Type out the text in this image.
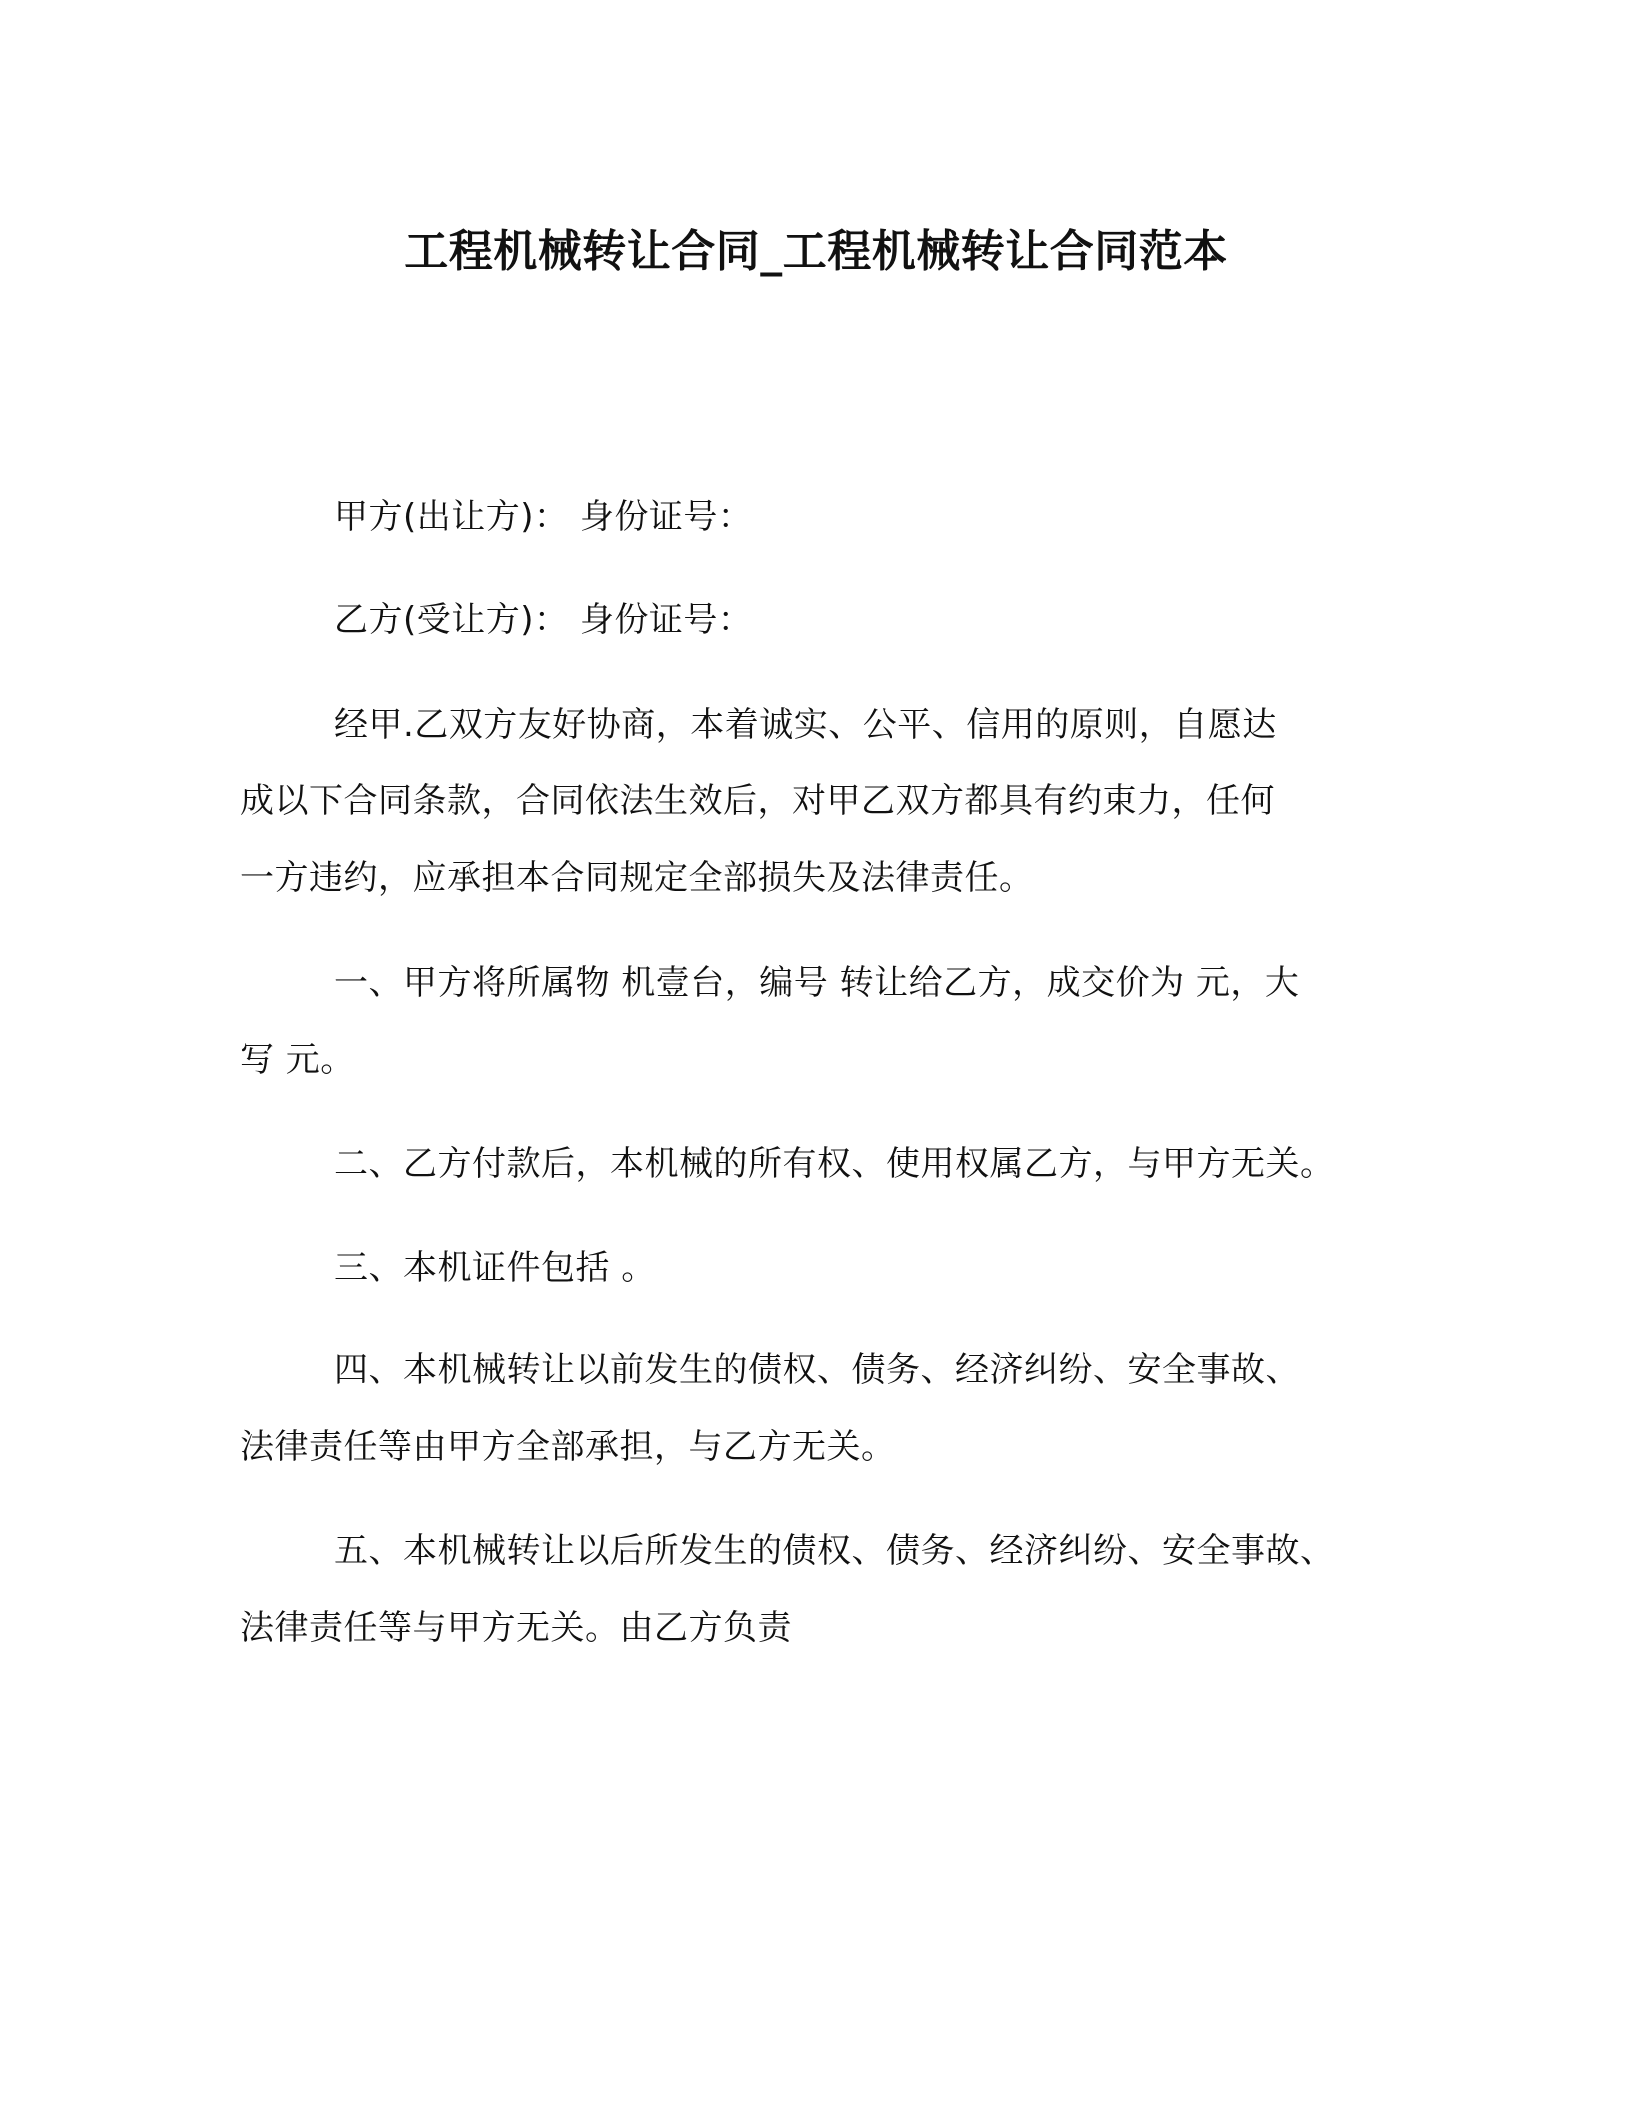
工程机械转让合同_工程机械转让合同范本
甲方(出让方)： 身份证号：
乙方(受让方)： 身份证号：
经甲.乙双方友好协商，本着诚实、公平、信用的原则，自愿达
成以下合同条款，合同依法生效后，对甲乙双方都具有约束力，任何
一方违约，应承担本合同规定全部损失及法律责任。
一、甲方将所属物 机壹台，编号 转让给乙方，成交价为 元，大
写 元。
二、乙方付款后，本机械的所有权、使用权属乙方，与甲方无关。
三、本机证件包括 。
四、本机械转让以前发生的债权、债务、经济纠纷、安全事故、
法律责任等由甲方全部承担，与乙方无关。
五、本机械转让以后所发生的债权、债务、经济纠纷、安全事故、
法律责任等与甲方无关。由乙方负责
